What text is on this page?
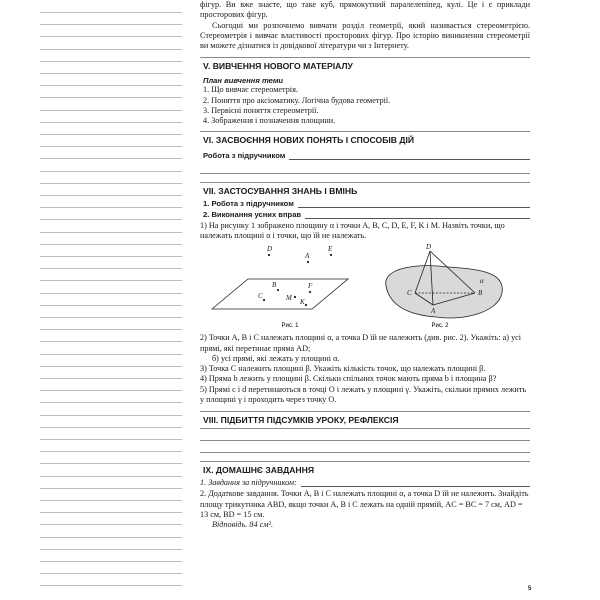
фігур. Ви вже знаєте, що таке куб, прямокутний паралелепіпед, кулі. Це і є приклади просторових фігур.
Сьогодні ми розпочнемо вивчати розділ геометрії, який називається стереометрією. Стереометрія і вивчає властивості просторових фігур. Про історію виникнення стереометрії ви можете дізнатися із довідкової літератури чи з Інтернету.
V. ВИВЧЕННЯ НОВОГО МАТЕРІАЛУ
План вивчення теми
1. Що вивчає стереометрія.
2. Поняття про аксіоматику. Логічна будова геометрії.
3. Первісні поняття стереометрії.
4. Зображення і позначення площини.
VI. ЗАСВОЄННЯ НОВИХ ПОНЯТЬ І СПОСОБІВ ДІЙ
Робота з підручником
VII. ЗАСТОСУВАННЯ ЗНАНЬ І ВМІНЬ
1. Робота з підручником
2. Виконання усних вправ
1) На рисунку 1 зображено площину α і точки A, B, C, D, E, F, K і M. Назвіть точки, що належать площині α і точки, що їй не належать.
D
A
E
B	F
C	M K
Рис. 1
D
α
C	B
A
Рис. 2
2) Точки A, B і C належать площині α, а точка D їй не належить (див. рис. 2). Укажіть: а) усі прямі, які перетинає пряма AD;
б) усі прямі, які лежать у площині α.
3) Точка C належить площині β. Укажіть кількість точок, що належать площині β.
4) Пряма b лежить у площині β. Скільки спільних точок мають пряма b і площина β?
5) Прямі c і d перетинаються в точці O і лежать у площині γ. Укажіть, скільки прямих лежить у площині γ і проходить через точку O.
VIII. ПІДБИТТЯ ПІДСУМКІВ УРОКУ, РЕФЛЕКСІЯ
IX. ДОМАШНЄ ЗАВДАННЯ
1. Завдання за підручником:
2. Додаткове завдання. Точки A, B і C належать площині α, а точка D їй не належить. Знайдіть площу трикутника ABD, якщо точки A, B і C лежать на одній прямій, AC = BC = 7 см, AD = 13 см, BD = 15 см.
Відповідь. 84 см².
5
